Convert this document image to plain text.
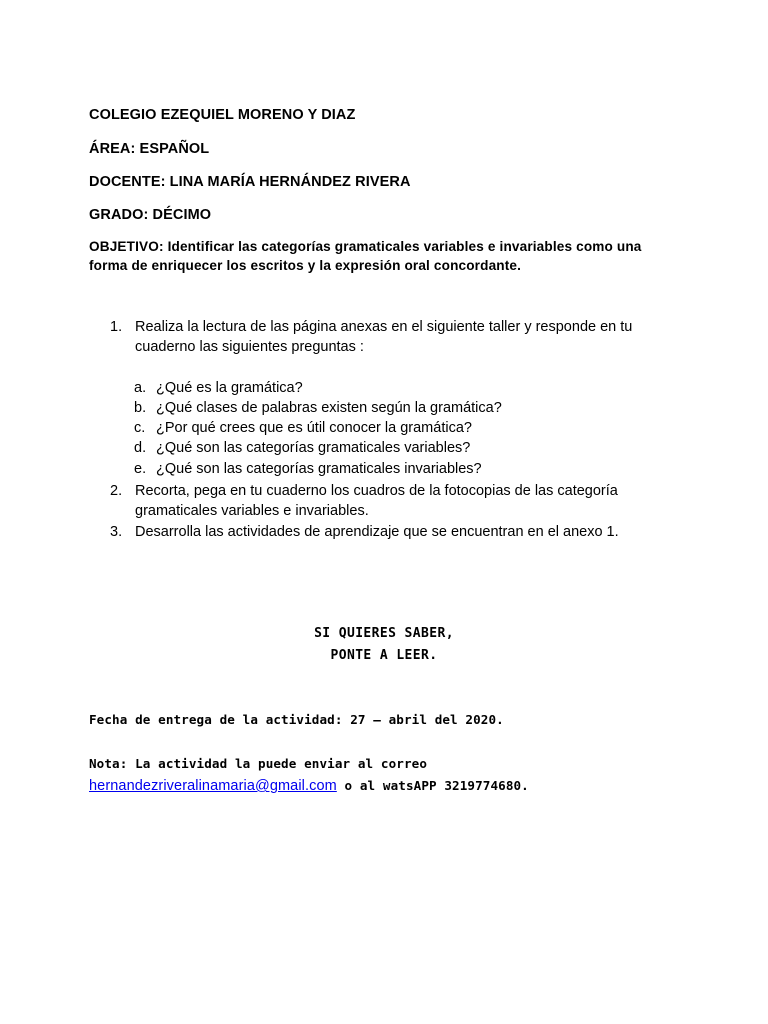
COLEGIO EZEQUIEL MORENO Y DIAZ
ÁREA: ESPAÑOL
DOCENTE: LINA MARÍA HERNÁNDEZ RIVERA
GRADO: DÉCIMO
OBJETIVO: Identificar las categorías gramaticales variables e invariables como una forma de enriquecer los escritos y la expresión oral concordante.
1. Realiza la lectura de las página anexas en el siguiente taller y responde en tu
cuaderno las siguientes preguntas :
a. ¿Qué es la gramática?
b. ¿Qué clases de palabras existen según la gramática?
c. ¿Por qué crees que es útil conocer la gramática?
d. ¿Qué son las categorías gramaticales variables?
e. ¿Qué son las categorías gramaticales invariables?
2. Recorta, pega en tu cuaderno los cuadros de la fotocopias de las categoría
gramaticales variables e invariables.
3. Desarrolla las actividades de aprendizaje que se encuentran en el anexo 1.
SI QUIERES SABER,
PONTE A LEER.
Fecha de entrega de la actividad: 27 – abril del 2020.
Nota: La actividad la puede enviar al correo
hernandezriveralinamaria@gmail.com o al watsAPP 3219774680.
